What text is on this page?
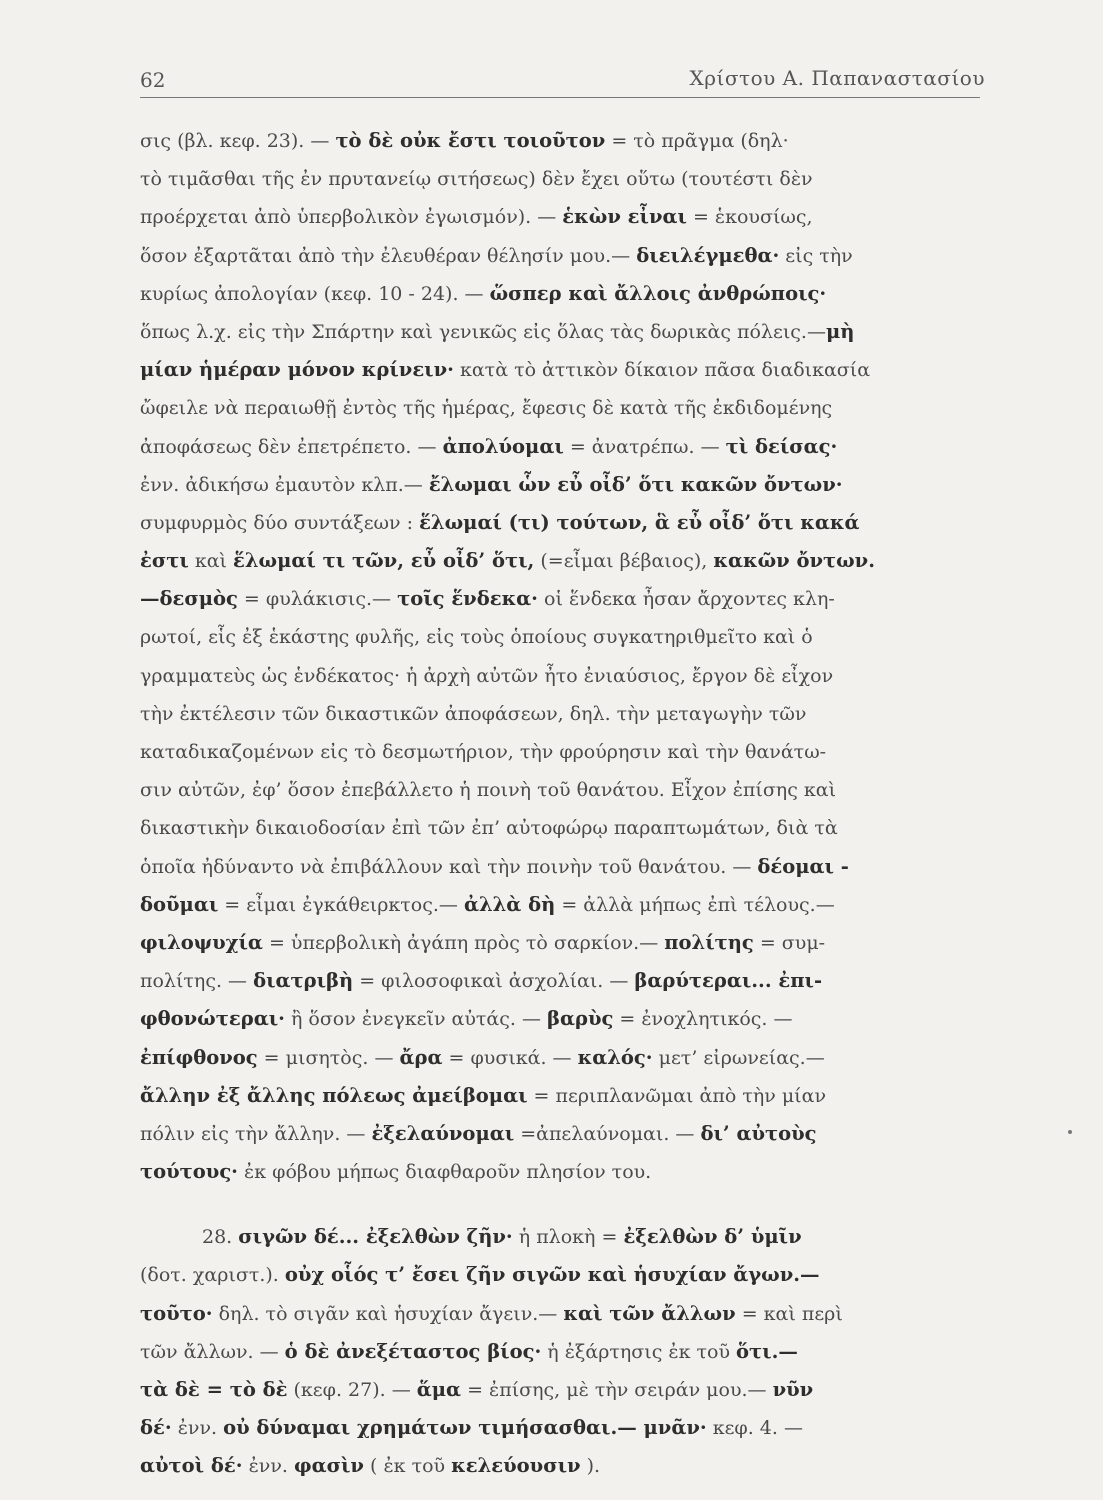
62	Χρίστου Α. Παπαναστασίου
σις (βλ. κεφ. 23). — τὸ δὲ οὐκ ἔστι τοιοῦτον = τὸ πρᾶγμα (δηλ·
τὸ τιμᾶσθαι τῆς ἐν πρυτανείῳ σιτήσεως) δὲν ἔχει οὕτω (τουτέστι δὲν
προέρχεται ἀπὸ ὑπερβολικὸν ἐγωισμόν). — ἑκὼν εἶναι = ἑκουσίως,
ὅσον ἐξαρτᾶται ἀπὸ τὴν ἐλευθέραν θέλησίν μου.— διειλέγμεθα· εἰς τὴν
κυρίως ἀπολογίαν (κεφ. 10 - 24). — ὥσπερ καὶ ἄλλοις ἀνθρώποις·
ὅπως λ.χ. εἰς τὴν Σπάρτην καὶ γενικῶς εἰς ὅλας τὰς δωρικὰς πόλεις.—μὴ
μίαν ἡμέραν μόνον κρίνειν· κατὰ τὸ ἀττικὸν δίκαιον πᾶσα διαδικασία
ὤφειλε νὰ περαιωθῇ ἐντὸς τῆς ἡμέρας, ἔφεσις δὲ κατὰ τῆς ἐκδιδομένης
ἀποφάσεως δὲν ἐπετρέπετο. — ἀπολύομαι = ἀνατρέπω. — τὶ δείσας·
ἐνν. ἀδικήσω ἐμαυτὸν κλπ.— ἔλωμαι ὧν εὖ οἶδ’ ὅτι κακῶν ὄντων·
συμφυρμὸς δύο συντάξεων : ἕλωμαί (τι) τούτων, ἃ εὖ οἶδ’ ὅτι κακά
ἐστι καὶ ἕλωμαί τι τῶν, εὖ οἶδ’ ὅτι, (=εἶμαι βέβαιος), κακῶν ὄντων.
—δεσμὸς = φυλάκισις.— τοῖς ἕνδεκα· οἱ ἕνδεκα ἦσαν ἄρχοντες κλη-
ρωτοί, εἷς ἐξ ἑκάστης φυλῆς, εἰς τοὺς ὁποίους συγκατηριθμεῖτο καὶ ὁ
γραμματεὺς ὡς ἑνδέκατος· ἡ ἀρχὴ αὐτῶν ἦτο ἐνιαύσιος, ἔργον δὲ εἶχον
τὴν ἐκτέλεσιν τῶν δικαστικῶν ἀποφάσεων, δηλ. τὴν μεταγωγὴν τῶν
καταδικαζομένων εἰς τὸ δεσμωτήριον, τὴν φρούρησιν καὶ τὴν θανάτω-
σιν αὐτῶν, ἐφ’ ὅσον ἐπεβάλλετο ἡ ποινὴ τοῦ θανάτου. Εἶχον ἐπίσης καὶ
δικαστικὴν δικαιοδοσίαν ἐπὶ τῶν ἐπ’ αὐτοφώρῳ παραπτωμάτων, διὰ τὰ
ὁποῖα ἠδύναντο νὰ ἐπιβάλλουν καὶ τὴν ποινὴν τοῦ θανάτου. — δέομαι -
δοῦμαι = εἶμαι ἐγκάθειρκτος.— ἀλλὰ δὴ = ἀλλὰ μήπως ἐπὶ τέλους.—
φιλοψυχία = ὑπερβολικὴ ἀγάπη πρὸς τὸ σαρκίον.— πολίτης = συμ-
πολίτης. — διατριβὴ = φιλοσοφικαὶ ἀσχολίαι. — βαρύτεραι... ἐπι-
φθονώτεραι· ἢ ὅσον ἐνεγκεῖν αὐτάς. — βαρὺς = ἐνοχλητικός. —
ἐπίφθονος = μισητὸς. — ἄρα = φυσικά. — καλός· μετ’ εἰρωνείας.—
ἄλλην ἐξ ἄλλης πόλεως ἀμείβομαι = περιπλανῶμαι ἀπὸ τὴν μίαν
πόλιν εἰς τὴν ἄλλην. — ἐξελαύνομαι =ἀπελαύνομαι. — δι’ αὐτοὺς
τούτους· ἐκ φόβου μήπως διαφθαροῦν πλησίον του.
28. σιγῶν δέ... ἐξελθὼν ζῆν· ἡ πλοκὴ = ἐξελθὼν δ’ ὑμῖν
(δοτ. χαριστ.). οὐχ οἷός τ’ ἔσει ζῆν σιγῶν καὶ ἡσυχίαν ἄγων.—
τοῦτο· δηλ. τὸ σιγᾶν καὶ ἡσυχίαν ἄγειν.— καὶ τῶν ἄλλων = καὶ περὶ
τῶν ἄλλων. — ὁ δὲ ἀνεξέταστος βίος· ἡ ἐξάρτησις ἐκ τοῦ ὅτι.—
τὰ δὲ = τὸ δὲ (κεφ. 27). — ἅμα = ἐπίσης, μὲ τὴν σειράν μου.— νῦν
δέ· ἐνν. οὐ δύναμαι χρημάτων τιμήσασθαι.— μνᾶν· κεφ. 4. —
αὐτοὶ δέ· ἐνν. φασὶν ( ἐκ τοῦ κελεύουσιν ).
